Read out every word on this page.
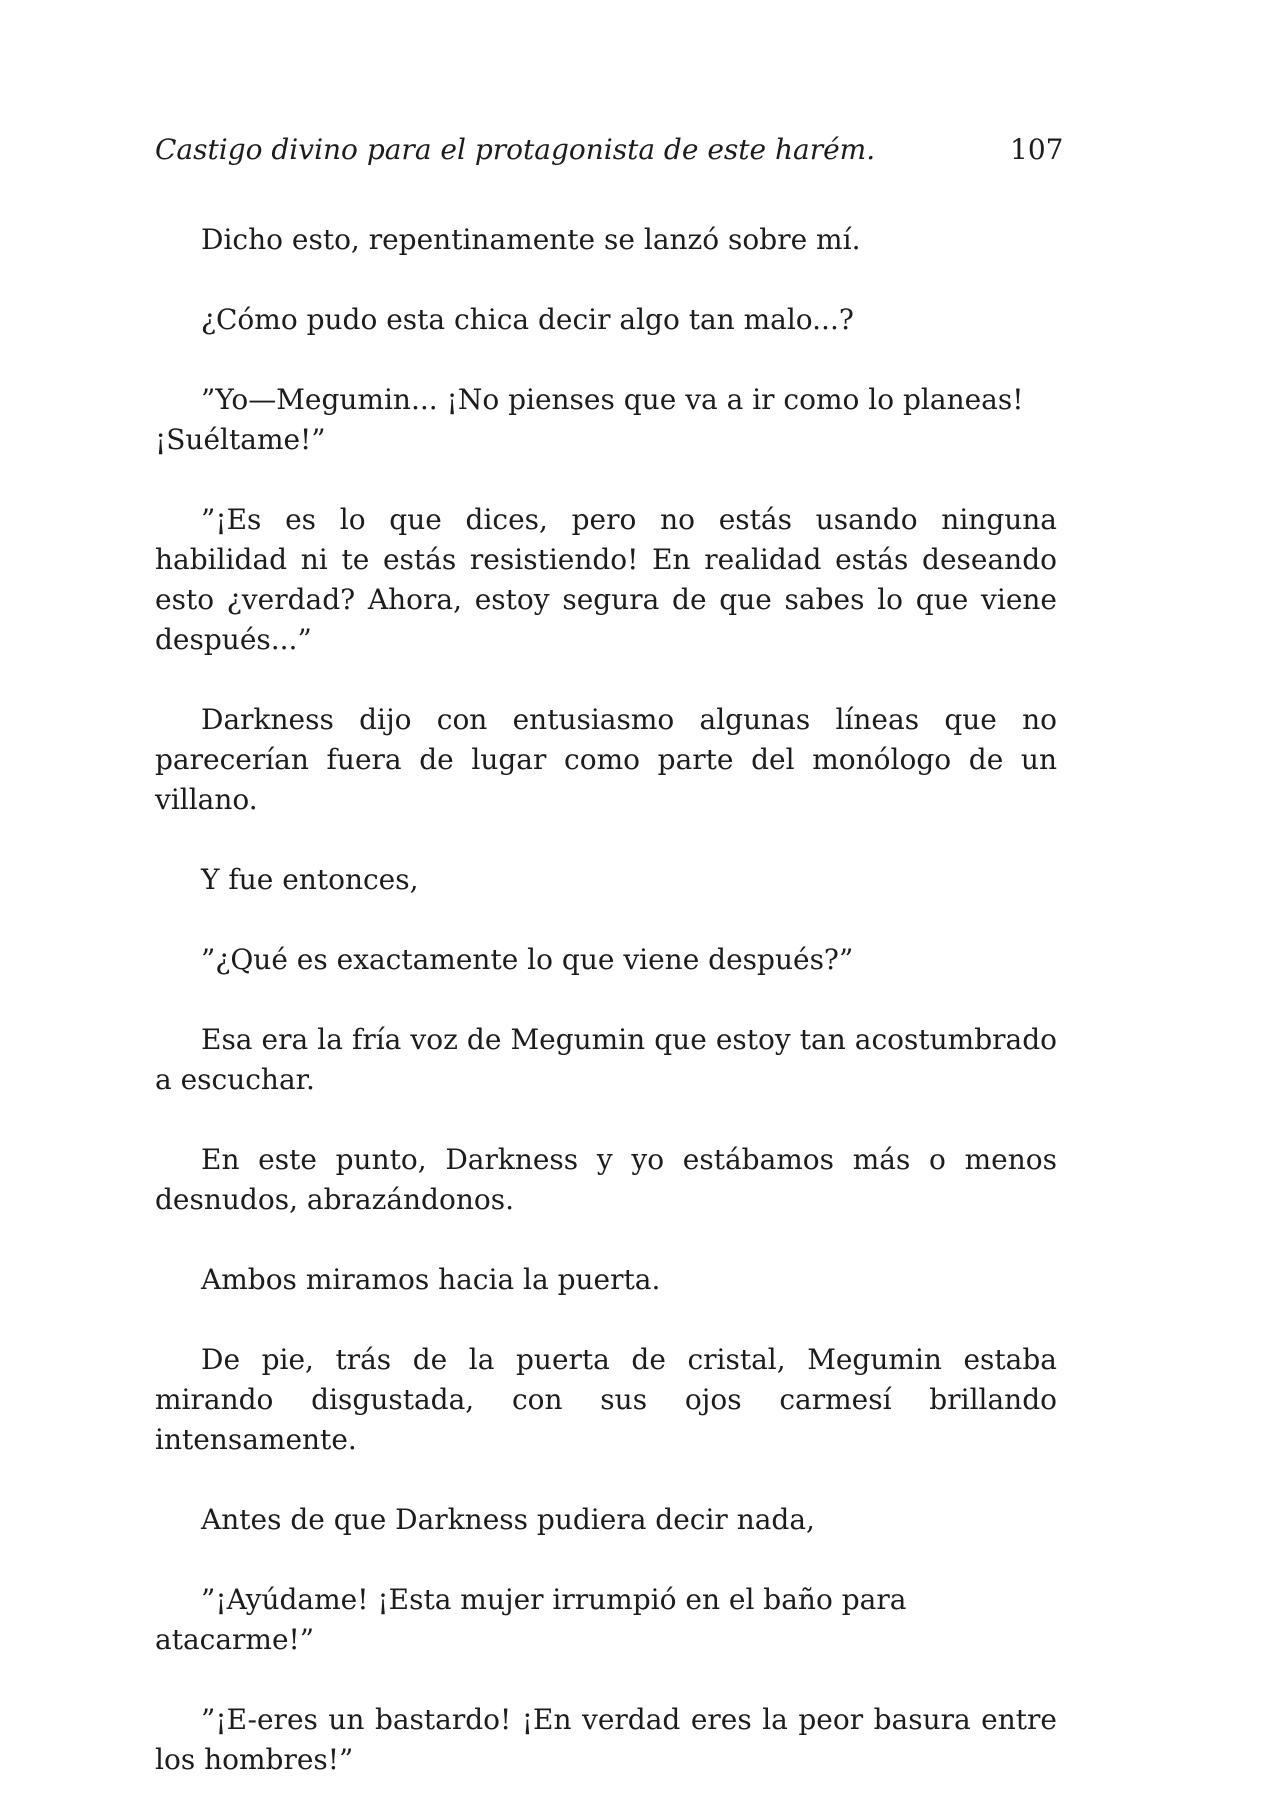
Castigo divino para el protagonista de este harém.	107

Dicho esto, repentinamente se lanzó sobre mí.

¿Cómo pudo esta chica decir algo tan malo...?

”Yo—Megumin... ¡No pienses que va a ir como lo planeas!¡Suéltame!”

”¡Es es lo que dices, pero no estás usando ninguna habilidad ni te estás resistiendo! En realidad estás deseando esto ¿verdad? Ahora, estoy segura de que sabes lo que viene después...”

Darkness dijo con entusiasmo algunas líneas que no parecerían fuera de lugar como parte del monólogo de un villano.

Y fue entonces,

”¿Qué es exactamente lo que viene después?”

Esa era la fría voz de Megumin que estoy tan acostumbrado a escuchar.

En este punto, Darkness y yo estábamos más o menos desnudos, abrazándonos.

Ambos miramos hacia la puerta.

De pie, trás de la puerta de cristal, Megumin estaba mirando disgustada, con sus ojos carmesí brillando intensamente.

Antes de que Darkness pudiera decir nada,

”¡Ayúdame! ¡Esta mujer irrumpió en el baño para atacarme!”

”¡E-eres un bastardo! ¡En verdad eres la peor basura entre los hombres!”
